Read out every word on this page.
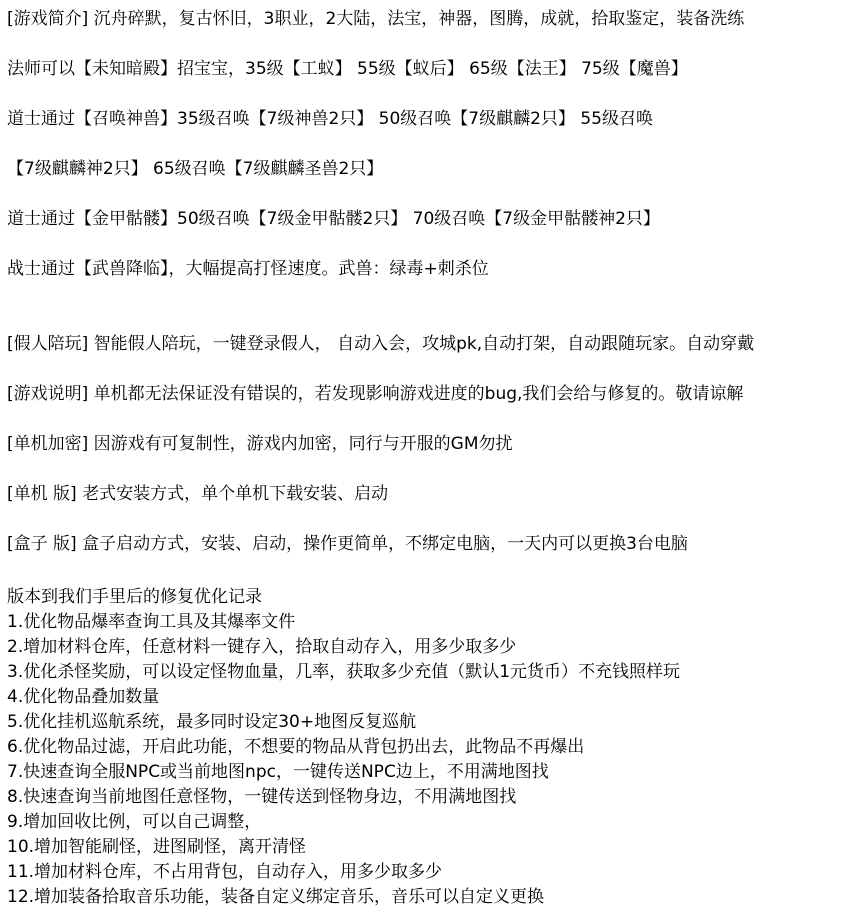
[游戏简介] 沉舟碎默，复古怀旧，3职业，2大陆，法宝，神器，图腾，成就，拾取鉴定，装备洗练

法师可以【未知暗殿】招宝宝，35级【工蚁】 55级【蚁后】 65级【法王】 75级【魔兽】

道士通过【召唤神兽】35级召唤【7级神兽2只】 50级召唤【7级麒麟2只】 55级召唤

【7级麒麟神2只】 65级召唤【7级麒麟圣兽2只】

道士通过【金甲骷髅】50级召唤【7级金甲骷髅2只】 70级召唤【7级金甲骷髅神2只】

战士通过【武兽降临】，大幅提高打怪速度。武兽：绿毒+刺杀位

[假人陪玩] 智能假人陪玩，一键登录假人， 自动入会，攻城pk,自动打架，自动跟随玩家。自动穿戴

[游戏说明] 单机都无法保证没有错误的，若发现影响游戏进度的bug,我们会给与修复的。敬请谅解

[单机加密] 因游戏有可复制性，游戏内加密，同行与开服的GM勿扰

[单机 版] 老式安装方式，单个单机下载安装、启动

[盒子 版] 盒子启动方式，安装、启动，操作更简单，不绑定电脑，一天内可以更换3台电脑

版本到我们手里后的修复优化记录
1.优化物品爆率查询工具及其爆率文件
2.增加材料仓库，任意材料一键存入，拾取自动存入，用多少取多少
3.优化杀怪奖励，可以设定怪物血量，几率，获取多少充值（默认1元货币）不充钱照样玩
4.优化物品叠加数量
5.优化挂机巡航系统，最多同时设定30+地图反复巡航
6.优化物品过滤，开启此功能，不想要的物品从背包扔出去，此物品不再爆出
7.快速查询全服NPC或当前地图npc，一键传送NPC边上，不用满地图找
8.快速查询当前地图任意怪物，一键传送到怪物身边，不用满地图找
9.增加回收比例，可以自己调整，
10.增加智能刷怪，进图刷怪，离开清怪
11.增加材料仓库，不占用背包，自动存入，用多少取多少
12.增加装备拾取音乐功能，装备自定义绑定音乐，音乐可以自定义更换
